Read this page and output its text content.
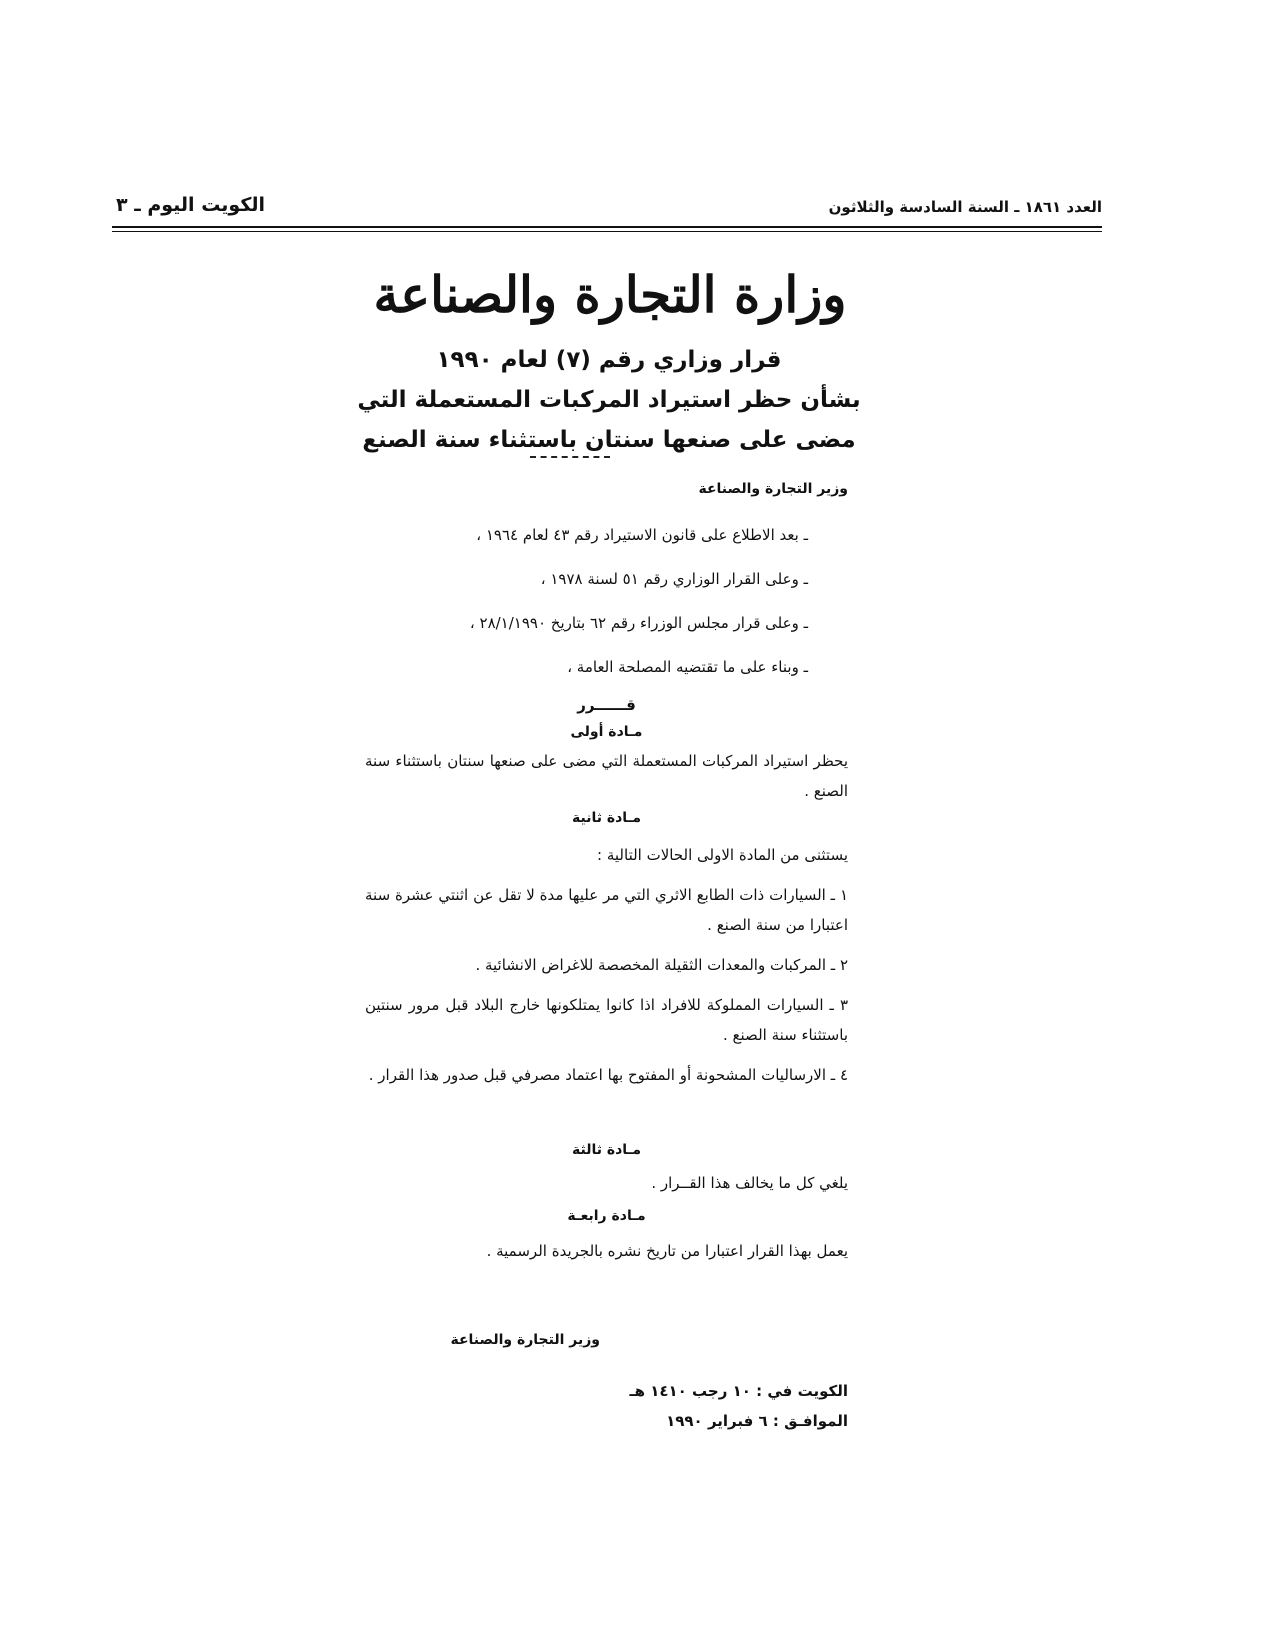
العدد ١٨٦١ ـ السنة السادسة والثلاثون
الكويت اليوم ـ ٣
وزارة التجارة والصناعة
قرار وزاري رقم (٧) لعام ١٩٩٠
بشأن حظر استيراد المركبات المستعملة التي
مضى على صنعها سنتان باستثناء سنة الصنع
وزير التجارة والصناعة

ـ بعد الاطلاع على قانون الاستيراد رقم ٤٣ لعام ١٩٦٤ ،

ـ وعلى القرار الوزاري رقم ٥١ لسنة ١٩٧٨ ،

ـ وعلى قرار مجلس الوزراء رقم ٦٢ بتاريخ ٢٨/١/١٩٩٠ ،

ـ وبناء على ما تقتضيه المصلحة العامة ،

قــــــرر
مـادة أولى
يحظر استيراد المركبات المستعملة التي مضى على صنعها سنتان باستثناء سنة الصنع .
مـادة ثانية

يستثنى من المادة الاولى الحالات التالية :

١ ـ السيارات ذات الطابع الاثري التي مر عليها مدة لا تقل عن اثنتي عشرة سنة اعتبارا من سنة الصنع .

٢ ـ المركبات والمعدات الثقيلة المخصصة للاغراض الانشائية .

٣ ـ السيارات المملوكة للافراد اذا كانوا يمتلكونها خارج البلاد قبل مرور سنتين باستثناء سنة الصنع .

٤ ـ الارساليات المشحونة أو المفتوح بها اعتماد مصرفي قبل صدور هذا القرار .

مـادة ثالثة
يلغي كل ما يخالف هذا القــرار .
مـادة رابعـة
يعمل بهذا القرار اعتبارا من تاريخ نشره بالجريدة الرسمية .
وزير التجارة والصناعة
الكويت في : ١٠ رجب ١٤١٠ هـ
الموافـق : ٦ فبراير ١٩٩٠
